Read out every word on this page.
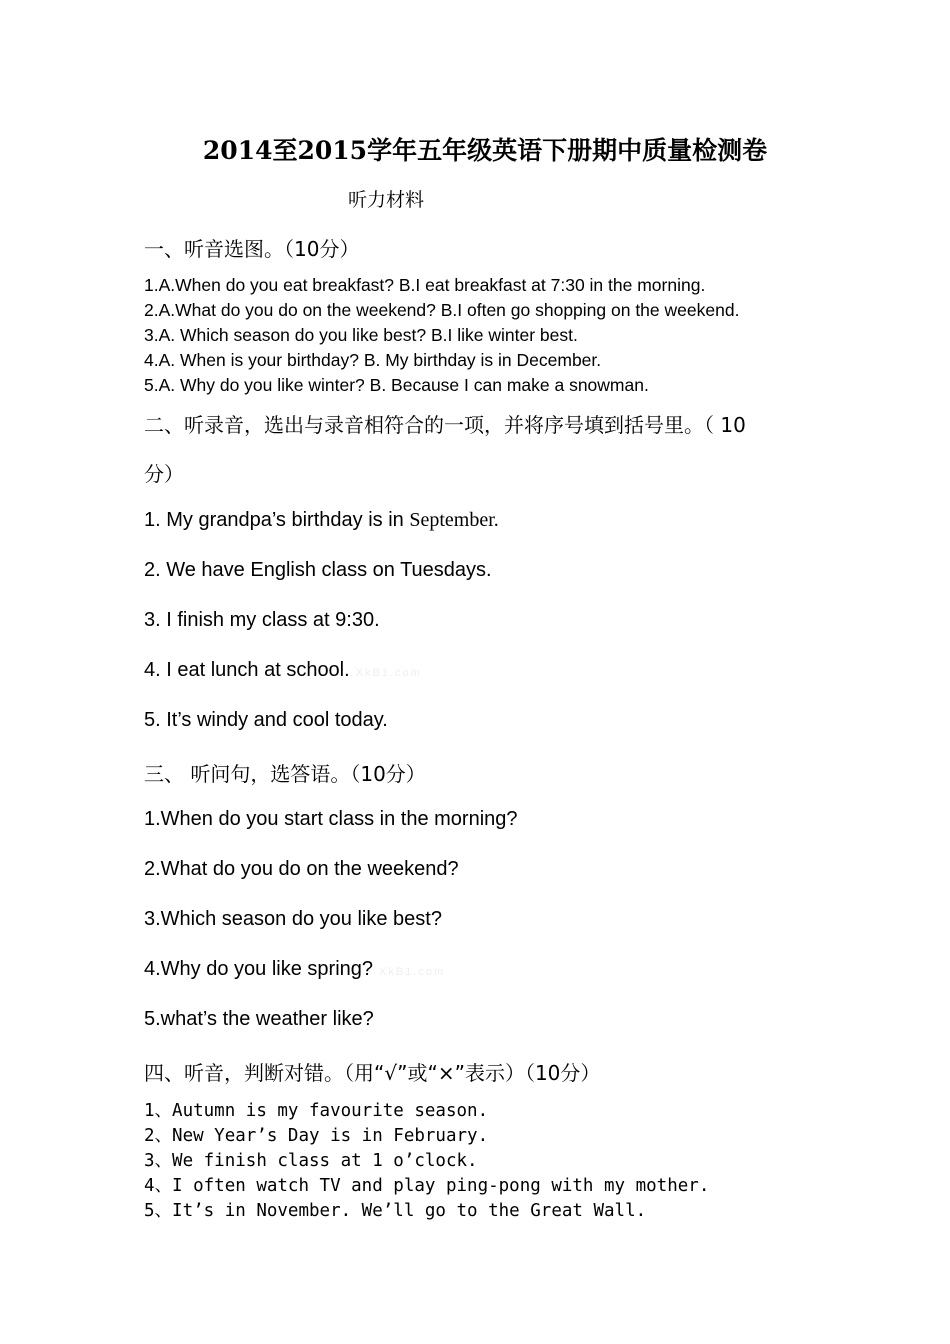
2014至2015学年五年级英语下册期中质量检测卷
听力材料
一、听音选图。（10分）
1.A.When do you eat breakfast? B.I eat breakfast at 7:30 in the morning.
2.A.What do you do on the weekend? B.I often go shopping on the weekend.
3.A. Which season do you like best? B.I like winter best.
4.A. When is your birthday? B. My birthday is in December.
5.A. Why do you like winter? B. Because I can make a snowman.
二、听录音，选出与录音相符合的一项，并将序号填到括号里。（ 10
分）
1. My grandpa’s birthday is in September.
2. We have English class on Tuesdays.
3. I finish my class at 9:30.
4. I eat lunch at school. XkB1.com
5. It’s windy and cool today.
三、 听问句，选答语。（10分）
1.When do you start class in the morning?
2.What do you do on the weekend?
3.Which season do you like best?
4.Why do you like spring? XkB1.com
5.what’s the weather like?
四、听音，判断对错。（用“√”或“×”表示）（10分）
1、Autumn is my favourite season.
2、New Year’s Day is in February.
3、We finish class at 1 o’clock.
4、I often watch TV and play ping-pong with my mother.
5、It’s in November. We’ll go to the Great Wall.
